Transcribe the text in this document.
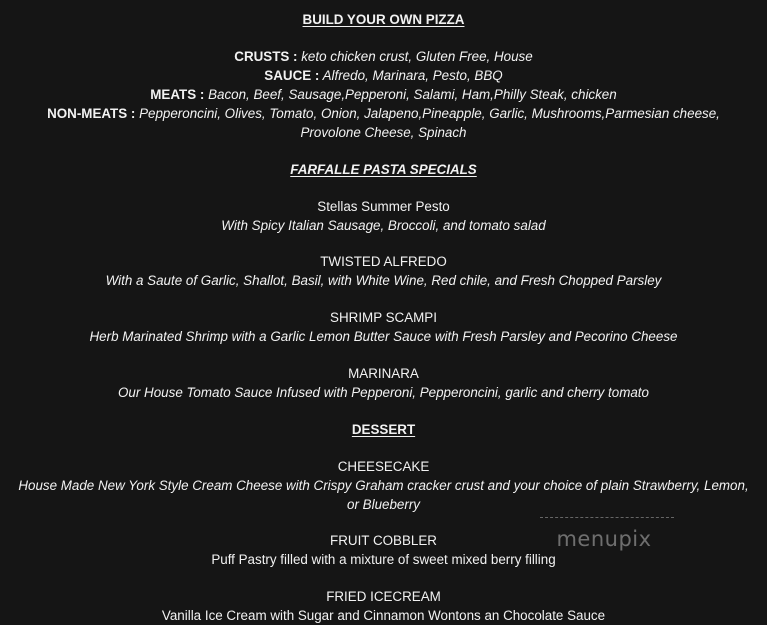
BUILD YOUR OWN PIZZA
CRUSTS : keto chicken crust, Gluten Free, House
SAUCE : Alfredo, Marinara, Pesto, BBQ
MEATS : Bacon, Beef, Sausage,Pepperoni, Salami, Ham,Philly Steak, chicken
NON-MEATS : Pepperoncini, Olives, Tomato, Onion, Jalapeno,Pineapple, Garlic, Mushrooms,Parmesian cheese,
Provolone Cheese, Spinach
FARFALLE PASTA SPECIALS
Stellas Summer Pesto
With Spicy Italian Sausage, Broccoli, and tomato salad
TWISTED ALFREDO
With a Saute of Garlic, Shallot, Basil, with White Wine, Red chile, and Fresh Chopped Parsley
SHRIMP SCAMPI
Herb Marinated Shrimp with a Garlic Lemon Butter Sauce with Fresh Parsley and Pecorino Cheese
MARINARA
Our House Tomato Sauce Infused with Pepperoni, Pepperoncini, garlic and cherry tomato
DESSERT
CHEESECAKE
House Made New York Style Cream Cheese with Crispy Graham cracker crust and your choice of plain Strawberry, Lemon,
or Blueberry
FRUIT COBBLER
Puff Pastry filled with a mixture of sweet mixed berry filling
FRIED ICECREAM
Vanilla Ice Cream with Sugar and Cinnamon Wontons an Chocolate Sauce
menupix
